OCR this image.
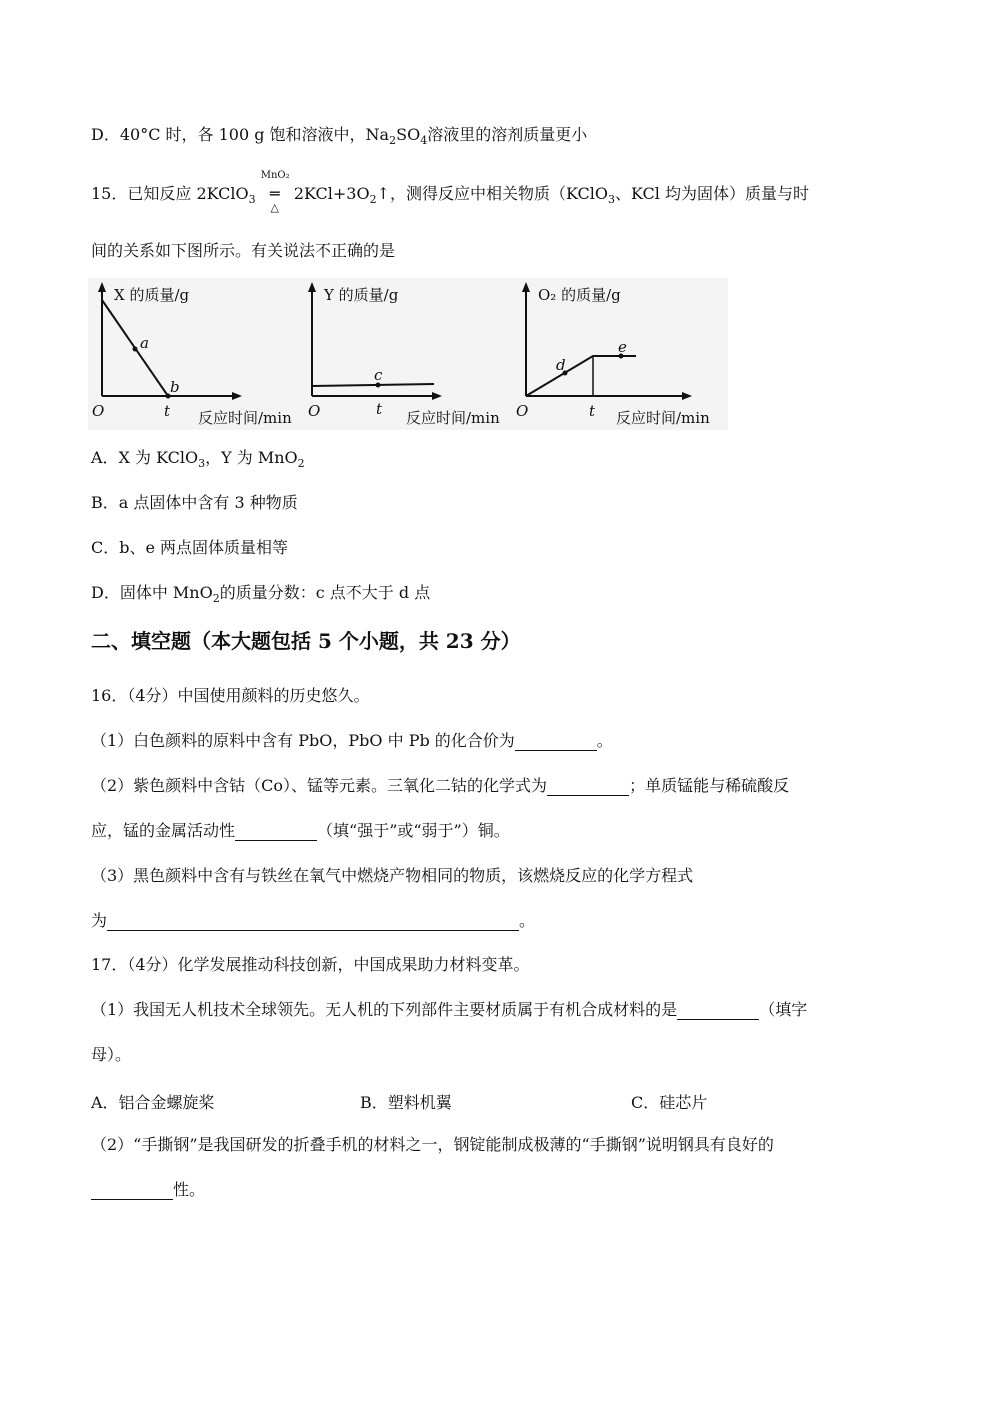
D．40°C 时，各 100 g 饱和溶液中，$Na_2SO_4$溶液里的溶剂质量更小
15．已知反应 2KClO$_3$
MnO₂
═
△
$2KCl+3O_2↑$，测得反应中相关物质（KClO$_3$、KCl 均为固体）质量与时
间的关系如下图所示。有关说法不正确的是
X 的质量/g
O	t
a
b
反应时间/min
Y 的质量/g
O	t
c
反应时间/min
O₂ 的质量/g
O	t
d
e
反应时间/min
A．X 为 KClO$_3$，Y 为 MnO$_2$
B．a 点固体中含有 3 种物质
C．b、e 两点固体质量相等
D．固体中 MnO$_2$的质量分数：c 点不大于 d 点
二、填空题（本大题包括 5 个小题，共 23 分）
16．（4分）中国使用颜料的历史悠久。
（1）白色颜料的原料中含有 PbO，PbO 中 Pb 的化合价为	。
（2）紫色颜料中含钴（Co）、锰等元素。三氧化二钴的化学式为	；单质锰能与稀硫酸反
应，锰的金属活动性	（填“强于”或“弱于”）铜。
（3）黑色颜料中含有与铁丝在氧气中燃烧产物相同的物质，该燃烧反应的化学方程式
为	。
17．（4分）化学发展推动科技创新，中国成果助力材料变革。
（1）我国无人机技术全球领先。无人机的下列部件主要材质属于有机合成材料的是	（填字
母）。
A．铝合金螺旋桨	B．塑料机翼	C．硅芯片
（2）“手撕钢”是我国研发的折叠手机的材料之一，钢锭能制成极薄的“手撕钢”说明钢具有良好的
性。
